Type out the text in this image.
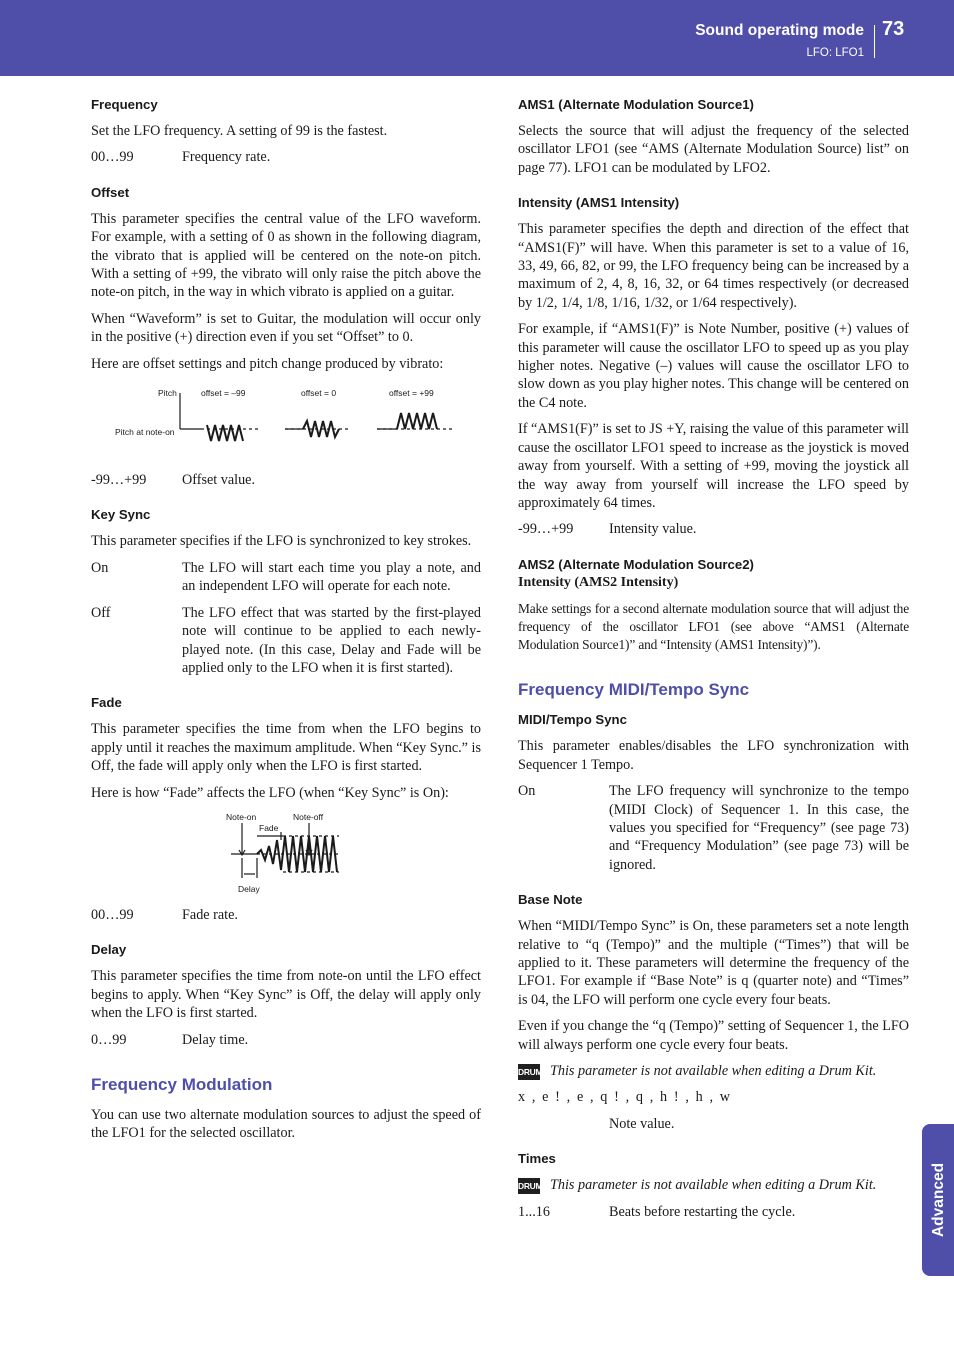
Sound operating mode
LFO: LFO1
73
Advanced
Frequency

Set the LFO frequency. A setting of 99 is the fastest.

00…99	Frequency rate.
Offset

This parameter specifies the central value of the LFO waveform. For example, with a setting of 0 as shown in the following diagram, the vibrato that is applied will be centered on the note-on pitch. With a setting of +99, the vibrato will only raise the pitch above the note-on pitch, in the way in which vibrato is applied on a guitar.

When “Waveform” is set to Guitar, the modulation will occur only in the positive (+) direction even if you set “Offset” to 0.

Here are offset settings and pitch change produced by vibrato:

Pitch
Pitch at note-on
offset = –99	offset = 0	offset = +99
-99…+99	Offset value.
Key Sync

This parameter specifies if the LFO is synchronized to key strokes.

On	The LFO will start each time you play a note, and an independent LFO will operate for each note.
Off	The LFO effect that was started by the first-played note will continue to be applied to each newly-played note. (In this case, Delay and Fade will be applied only to the LFO when it is first started).
Fade

This parameter specifies the time from when the LFO begins to apply until it reaches the maximum amplitude. When “Key Sync.” is Off, the fade will apply only when the LFO is first started.

Here is how “Fade” affects the LFO (when “Key Sync” is On):

Note-on	Note-off
Fade
Delay
00…99	Fade rate.
Delay

This parameter specifies the time from note-on until the LFO effect begins to apply. When “Key Sync” is Off, the delay will apply only when the LFO is first started.

0…99	Delay time.
Frequency Modulation

You can use two alternate modulation sources to adjust the speed of the LFO1 for the selected oscillator.

AMS1 (Alternate Modulation Source1)

Selects the source that will adjust the frequency of the selected oscillator LFO1 (see “AMS (Alternate Modulation Source) list” on page 77). LFO1 can be modulated by LFO2.

Intensity (AMS1 Intensity)

This parameter specifies the depth and direction of the effect that “AMS1(F)” will have. When this parameter is set to a value of 16, 33, 49, 66, 82, or 99, the LFO frequency being can be increased by a maximum of 2, 4, 8, 16, 32, or 64 times respectively (or decreased by 1/2, 1/4, 1/8, 1/16, 1/32, or 1/64 respectively).

For example, if “AMS1(F)” is Note Number, positive (+) values of this parameter will cause the oscillator LFO to speed up as you play higher notes. Negative (–) values will cause the oscillator LFO to slow down as you play higher notes. This change will be centered on the C4 note.

If “AMS1(F)” is set to JS +Y, raising the value of this parameter will cause the oscillator LFO1 speed to increase as the joystick is moved away from yourself. With a setting of +99, moving the joystick all the way away from yourself will increase the LFO speed by approximately 64 times.

-99…+99	Intensity value.
AMS2 (Alternate Modulation Source2)
Intensity (AMS2 Intensity)

Make settings for a second alternate modulation source that will adjust the frequency of the oscillator LFO1 (see above “AMS1 (Alternate Modulation Source1)” and “Intensity (AMS1 Intensity)”).

Frequency MIDI/Tempo Sync
MIDI/Tempo Sync

This parameter enables/disables the LFO synchronization with Sequencer 1 Tempo.

On	The LFO frequency will synchronize to the tempo (MIDI Clock) of Sequencer 1. In this case, the values you specified for “Frequency” (see page 73) and “Frequency Modulation” (see page 73) will be ignored.
Base Note

When “MIDI/Tempo Sync” is On, these parameters set a note length relative to “q (Tempo)” and the multiple (“Times”) that will be applied to it. These parameters will determine the frequency of the LFO1. For example if “Base Note” is q (quarter note) and “Times” is 04, the LFO will perform one cycle every four beats.

Even if you change the “q (Tempo)” setting of Sequencer 1, the LFO will always perform one cycle every four beats.

DRUM This parameter is not available when editing a Drum Kit.
x , e ! , e , q ! , q , h ! , h , w
Note value.
Times
DRUM This parameter is not available when editing a Drum Kit.
1...16	Beats before restarting the cycle.
